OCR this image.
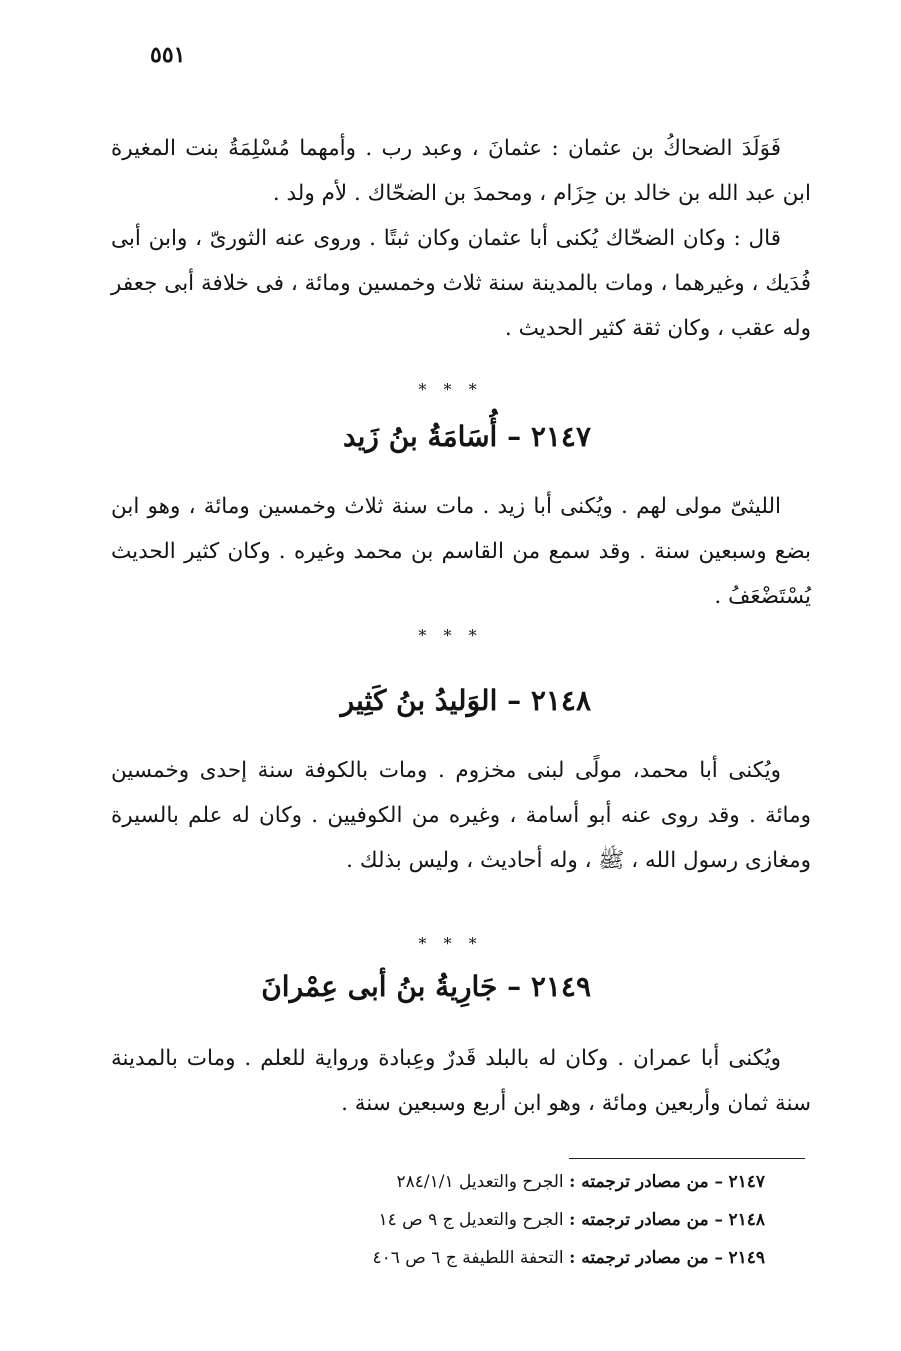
٥٥١

فَوَلَدَ الضحاكُ بن عثمان : عثمانَ ، وعبد رب . وأمهما مُسْلِمَةُ بنت المغيرة ابن عبد الله بن خالد بن حِزَام ، ومحمدَ بن الضحّاك . لأم ولد .

قال : وكان الضحّاك يُكنى أبا عثمان وكان ثبتًا . وروى عنه الثورىّ ، وابن أبى فُدَيك ، وغيرهما ، ومات بالمدينة سنة ثلاث وخمسين ومائة ، فى خلافة أبى جعفر وله عقب ، وكان ثقة كثير الحديث .

* * *
٢١٤٧ – أُسَامَةُ بنُ زَيد

الليثىّ مولى لهم . ويُكنى أبا زيد . مات سنة ثلاث وخمسين ومائة ، وهو ابن بضع وسبعين سنة . وقد سمع من القاسم بن محمد وغيره . وكان كثير الحديث يُسْتَضْعَفُ .

* * *
٢١٤٨ – الوَليدُ بنُ كَثِير

ويُكنى أبا محمد، مولًى لبنى مخزوم . ومات بالكوفة سنة إحدى وخمسين ومائة . وقد روى عنه أبو أسامة ، وغيره من الكوفيين . وكان له علم بالسيرة ومغازى رسول الله ، ﷺ ، وله أحاديث ، وليس بذلك .

* * *
٢١٤٩ – جَارِيةُ بنُ أبى عِمْرانَ

ويُكنى أبا عمران . وكان له بالبلد قَدرٌ وعِبادة ورواية للعلم . ومات بالمدينة سنة ثمان وأربعين ومائة ، وهو ابن أربع وسبعين سنة .

٢١٤٧ – من مصادر ترجمته : الجرح والتعديل ٢٨٤/١/١
٢١٤٨ – من مصادر ترجمته : الجرح والتعديل ج ٩ ص ١٤
٢١٤٩ – من مصادر ترجمته : التحفة اللطيفة ج ٦ ص ٤٠٦
